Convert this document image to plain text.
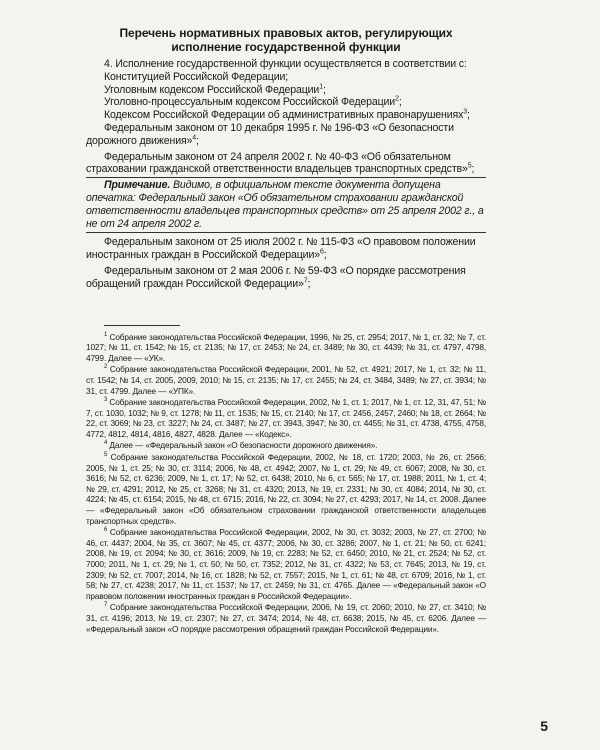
Перечень нормативных правовых актов, регулирующих
исполнение государственной функции

4. Исполнение государственной функции осуществляется в соответствии с:

Конституцией Российской Федерации;

Уголовным кодексом Российской Федерации$^1$;

Уголовно-процессуальным кодексом Российской Федерации$^2$;

Кодексом Российской Федерации об административных правонарушениях$^3$;

Федеральным законом от 10 декабря 1995 г. № 196-ФЗ «О безопасности дорожного движения»$^4$;

Федеральным законом от 24 апреля 2002 г. № 40-ФЗ «Об обязательном страховании гражданской ответственности владельцев транспортных средств»$^5$;

Примечание. Видимо, в официальном тексте документа допущена опечатка: Федеральный закон «Об обязательном страховании гражданской ответственности владельцев транспортных средств» от 25 апреля 2002 г., а не от 24 апреля 2002 г.

Федеральным законом от 25 июля 2002 г. № 115-ФЗ «О правовом положении иностранных граждан в Российской Федерации»$^6$;

Федеральным законом от 2 мая 2006 г. № 59-ФЗ «О порядке рассмотрения обращений граждан Российской Федерации»$^7$;

$^1$ Собрание законодательства Российской Федерации, 1996, № 25, ст. 2954; 2017, № 1, ст. 32; № 7, ст. 1027; № 11, ст. 1542; № 15, ст. 2135; № 17, ст. 2453; № 24, ст. 3489; № 30, ст. 4439; № 31, ст. 4797, 4798, 4799. Далее — «УК».

$^2$ Собрание законодательства Российской Федерации, 2001, № 52, ст. 4921; 2017, № 1, ст. 32; № 11, ст. 1542; № 14, ст. 2005, 2009, 2010; № 15, ст. 2135; № 17, ст. 2455; № 24, ст. 3484, 3489; № 27, ст. 3934; № 31, ст. 4799. Далее — «УПК».

$^3$ Собрание законодательства Российской Федерации, 2002, № 1, ст. 1; 2017, № 1, ст. 12, 31, 47, 51; № 7, ст. 1030, 1032; № 9, ст. 1278; № 11, ст. 1535; № 15, ст. 2140; № 17, ст. 2456, 2457, 2460; № 18, ст. 2664; № 22, ст. 3069; № 23, ст. 3227; № 24, ст. 3487; № 27, ст. 3943, 3947; № 30, ст. 4455; № 31, ст. 4738, 4755, 4758, 4772, 4812, 4814, 4816, 4827, 4828. Далее — «Кодекс».

$^4$ Далее — «Федеральный закон «О безопасности дорожного движения».

$^5$ Собрание законодательства Российской Федерации, 2002, № 18, ст. 1720; 2003, № 26, ст. 2566; 2005, № 1, ст. 25; № 30, ст. 3114; 2006, № 48, ст. 4942; 2007, № 1, ст. 29; № 49, ст. 6067; 2008, № 30, ст. 3616; № 52, ст. 6236; 2009, № 1, ст. 17; № 52, ст. 6438; 2010, № 6, ст. 565; № 17, ст. 1988; 2011, № 1, ст. 4; № 29, ст. 4291; 2012, № 25, ст. 3268; № 31, ст. 4320; 2013, № 19, ст. 2331; № 30, ст. 4084; 2014, № 30, ст. 4224; № 45, ст. 6154; 2015, № 48, ст. 6715; 2016, № 22, ст. 3094; № 27, ст. 4293; 2017, № 14, ст. 2008. Далее — «Федеральный закон «Об обязательном страховании гражданской ответственности владельцев транспортных средств».

$^6$ Собрание законодательства Российской Федерации, 2002, № 30, ст. 3032; 2003, № 27, ст. 2700; № 46, ст. 4437; 2004, № 35, ст. 3607; № 45, ст. 4377; 2006, № 30, ст. 3286; 2007, № 1, ст. 21; № 50, ст. 6241; 2008, № 19, ст. 2094; № 30, ст. 3616; 2009, № 19, ст. 2283; № 52, ст. 6450; 2010, № 21, ст. 2524; № 52, ст. 7000; 2011, № 1, ст. 29; № 1, ст. 50; № 50, ст. 7352; 2012, № 31, ст. 4322; № 53, ст. 7645; 2013, № 19, ст. 2309; № 52, ст. 7007; 2014, № 16, ст. 1828; № 52, ст. 7557; 2015, № 1, ст. 61; № 48, ст. 6709; 2016, № 1, ст. 58; № 27, ст. 4238; 2017, № 11, ст. 1537; № 17, ст. 2459; № 31, ст. 4765. Далее — «Федеральный закон «О правовом положении иностранных граждан в Российской Федерации».

$^7$ Собрание законодательства Российской Федерации, 2006, № 19, ст. 2060; 2010, № 27, ст. 3410; № 31, ст. 4196; 2013, № 19, ст. 2307; № 27, ст. 3474; 2014, № 48, ст. 6638; 2015, № 45, ст. 6206. Далее — «Федеральный закон «О порядке рассмотрения обращений граждан Российской Федерации».

5
